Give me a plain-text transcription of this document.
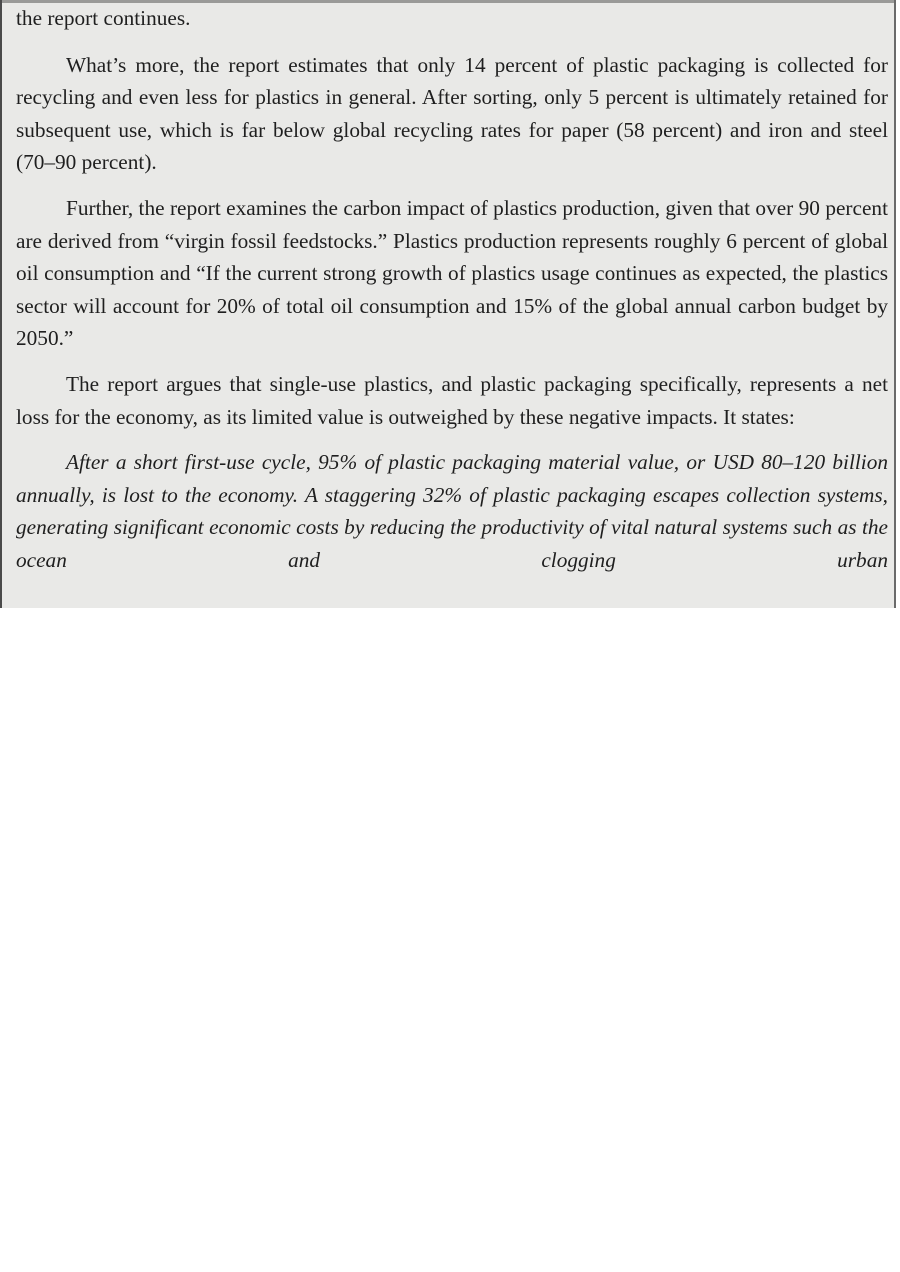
the report continues.

What’s more, the report estimates that only 14 percent of plastic packaging is collected for recycling and even less for plastics in general. After sorting, only 5 percent is ultimately retained for subsequent use, which is far below global recycling rates for paper (58 percent) and iron and steel (70–90 percent).

Further, the report examines the carbon impact of plastics production, given that over 90 percent are derived from “virgin fossil feedstocks.” Plastics production represents roughly 6 percent of global oil consumption and “If the current strong growth of plastics usage continues as expected, the plastics sector will account for 20% of total oil consumption and 15% of the global annual carbon budget by 2050.”

The report argues that single-use plastics, and plastic packaging specifically, represents a net loss for the economy, as its limited value is outweighed by these negative impacts. It states:

After a short first-use cycle, 95% of plastic packaging material value, or USD 80–120 billion annually, is lost to the economy. A staggering 32% of plastic packaging escapes collection systems, generating significant economic costs by reducing the productivity of vital natural systems such as the ocean and clogging urban
